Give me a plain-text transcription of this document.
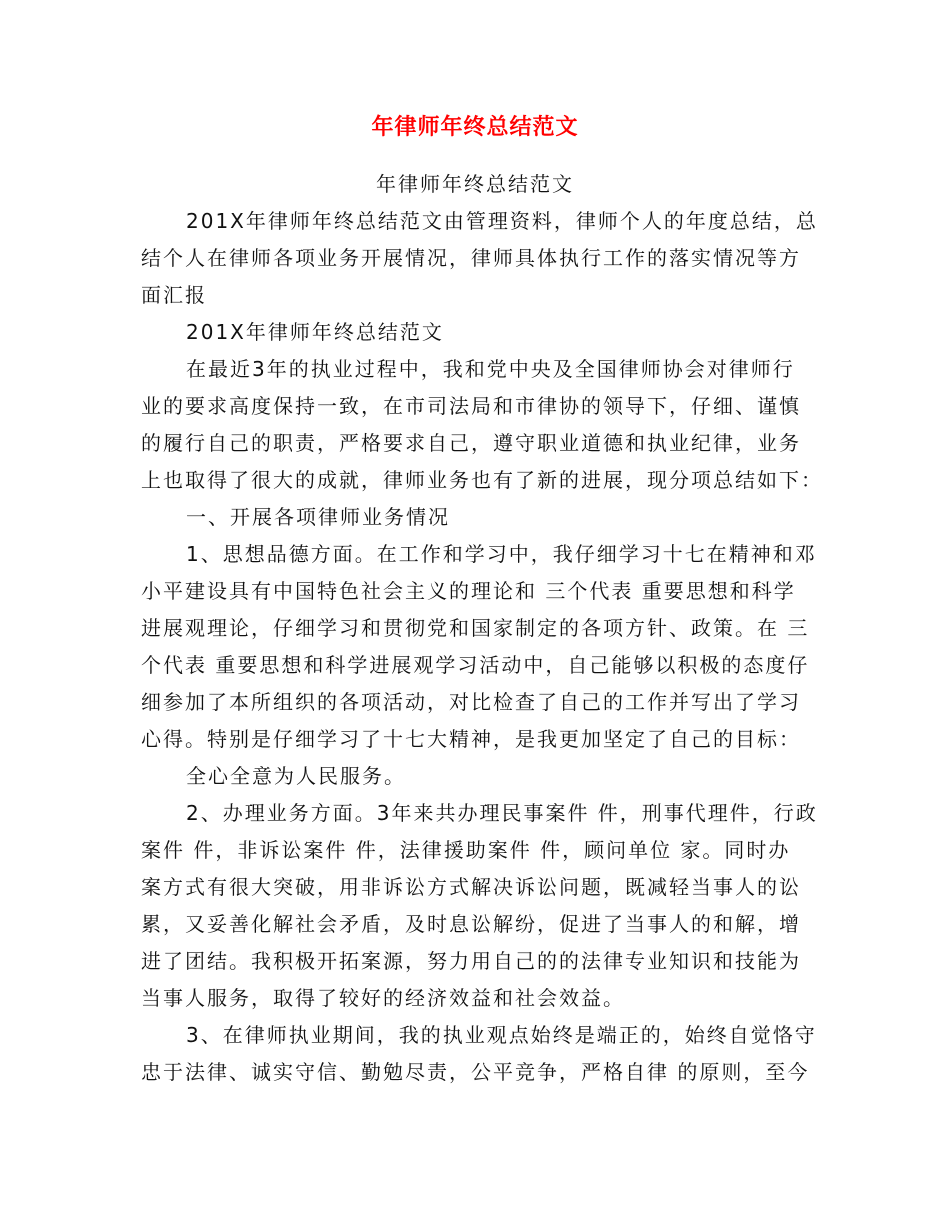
年律师年终总结范文
年律师年终总结范文
201X年律师年终总结范文由管理资料，律师个人的年度总结，总
结个人在律师各项业务开展情况，律师具体执行工作的落实情况等方
面汇报
201X年律师年终总结范文
在最近3年的执业过程中，我和党中央及全国律师协会对律师行
业的要求高度保持一致，在市司法局和市律协的领导下，仔细、谨慎
的履行自己的职责，严格要求自己，遵守职业道德和执业纪律，业务
上也取得了很大的成就，律师业务也有了新的进展，现分项总结如下：
一、开展各项律师业务情况
1、思想品德方面。在工作和学习中，我仔细学习十七在精神和邓
小平建设具有中国特色社会主义的理论和 三个代表 重要思想和科学
进展观理论，仔细学习和贯彻党和国家制定的各项方针、政策。在 三
个代表 重要思想和科学进展观学习活动中，自己能够以积极的态度仔
细参加了本所组织的各项活动，对比检查了自己的工作并写出了学习
心得。特别是仔细学习了十七大精神，是我更加坚定了自己的目标：
全心全意为人民服务。
2、办理业务方面。3年来共办理民事案件 件，刑事代理件，行政
案件 件，非诉讼案件 件，法律援助案件 件，顾问单位 家。同时办
案方式有很大突破，用非诉讼方式解决诉讼问题，既减轻当事人的讼
累，又妥善化解社会矛盾，及时息讼解纷，促进了当事人的和解，增
进了团结。我积极开拓案源，努力用自己的的法律专业知识和技能为
当事人服务，取得了较好的经济效益和社会效益。
3、在律师执业期间，我的执业观点始终是端正的，始终自觉恪守
忠于法律、诚实守信、勤勉尽责，公平竞争，严格自律 的原则，至今
